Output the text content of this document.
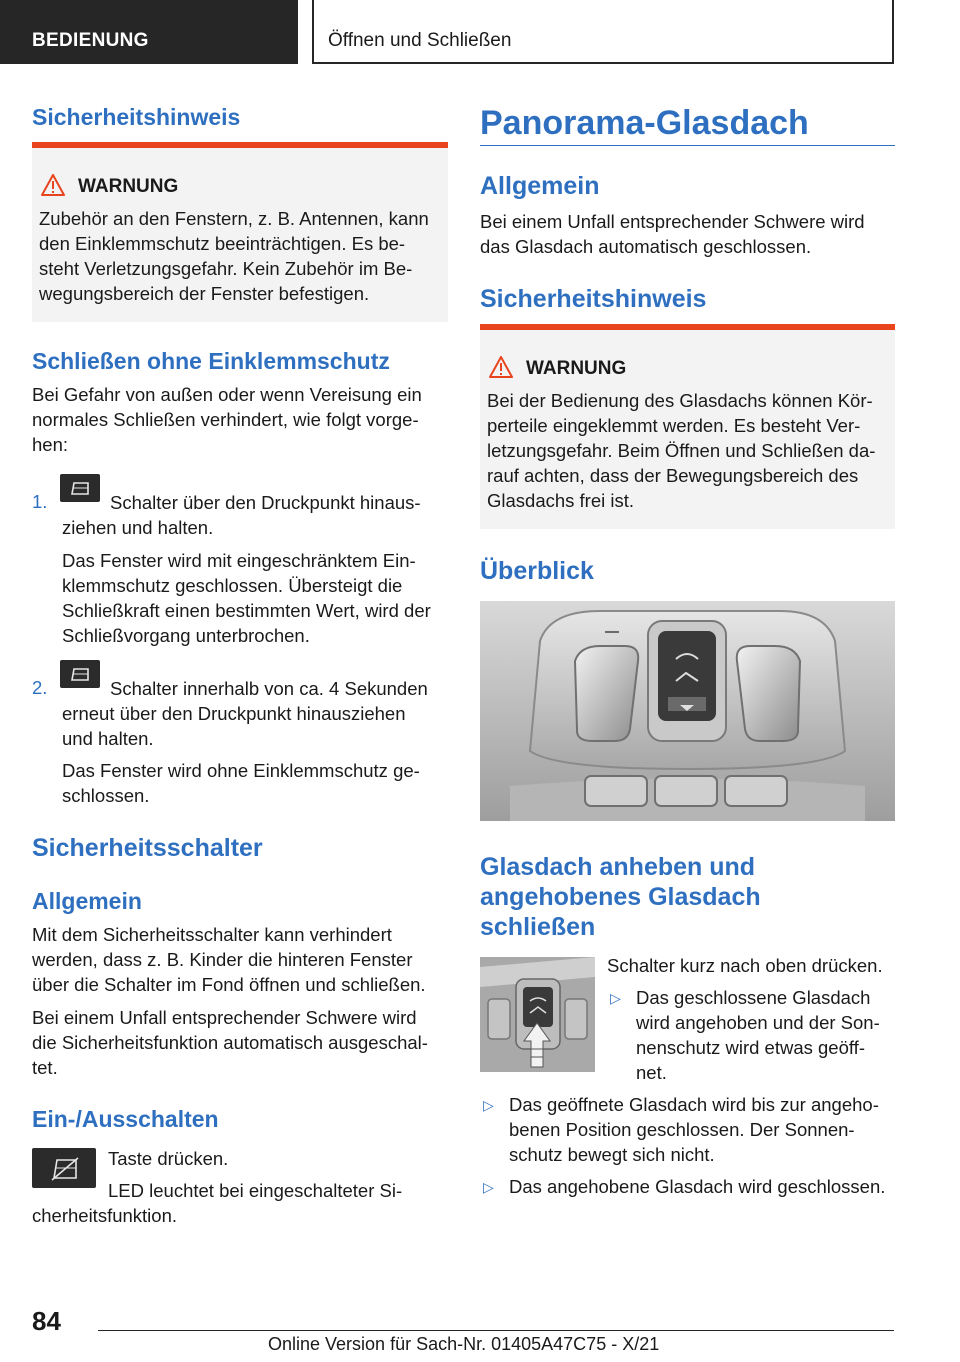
BEDIENUNG	Öffnen und Schließen
Sicherheitshinweis
WARNUNG
Zubehör an den Fenstern, z. B. Antennen, kann
den Einklemmschutz beeinträchtigen. Es be-
steht Verletzungsgefahr. Kein Zubehör im Be-
wegungsbereich der Fenster befestigen.
Schließen ohne Einklemmschutz
Bei Gefahr von außen oder wenn Vereisung ein
normales Schließen verhindert, wie folgt vorge-
hen:
1.	Schalter über den Druckpunkt hinaus-
ziehen und halten.
Das Fenster wird mit eingeschränktem Ein-
klemmschutz geschlossen. Übersteigt die
Schließkraft einen bestimmten Wert, wird der
Schließvorgang unterbrochen.
2.	Schalter innerhalb von ca. 4 Sekunden
erneut über den Druckpunkt hinausziehen
und halten.
Das Fenster wird ohne Einklemmschutz ge-
schlossen.
Sicherheitsschalter
Allgemein
Mit dem Sicherheitsschalter kann verhindert
werden, dass z. B. Kinder die hinteren Fenster
über die Schalter im Fond öffnen und schließen.
Bei einem Unfall entsprechender Schwere wird
die Sicherheitsfunktion automatisch ausgeschal-
tet.
Ein-/Ausschalten
Taste drücken.
LED leuchtet bei eingeschalteter Si-
cherheitsfunktion.
Panorama-Glasdach
Allgemein
Bei einem Unfall entsprechender Schwere wird
das Glasdach automatisch geschlossen.
Sicherheitshinweis
WARNUNG
Bei der Bedienung des Glasdachs können Kör-
perteile eingeklemmt werden. Es besteht Ver-
letzungsgefahr. Beim Öffnen und Schließen da-
rauf achten, dass der Bewegungsbereich des
Glasdachs frei ist.
Überblick
Glasdach anheben und
angehobenes Glasdach
schließen
Schalter kurz nach oben drücken.
▷ Das geschlossene Glasdach
wird angehoben und der Son-
nenschutz wird etwas geöff-
net.
▷ Das geöffnete Glasdach wird bis zur angeho-
benen Position geschlossen. Der Sonnen-
schutz bewegt sich nicht.
▷ Das angehobene Glasdach wird geschlossen.
84
Online Version für Sach-Nr. 01405A47C75 - X/21
